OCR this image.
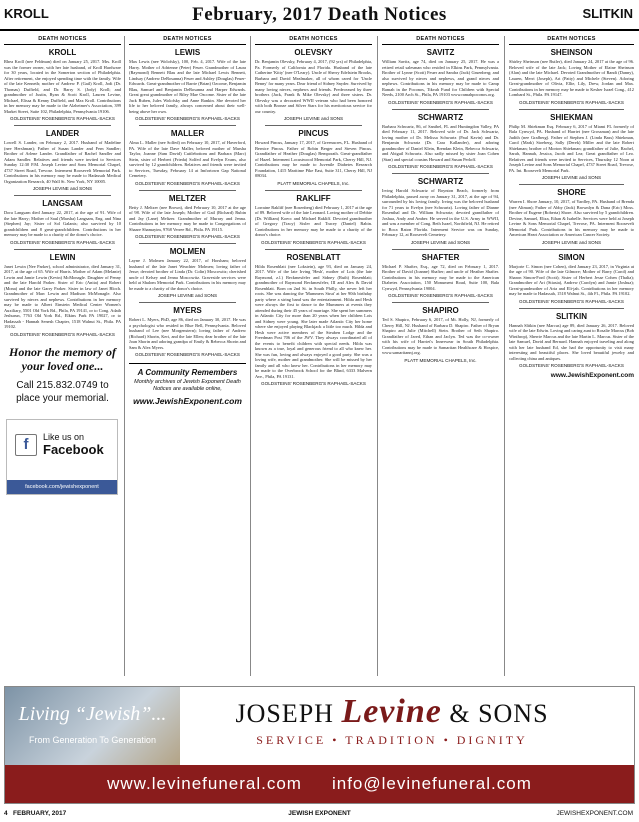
KROLL	February, 2017 Death Notices	SLITKIN
DEATH NOTICES
KROLL
Rhea Kroll (nee Feldman) died on January 25, 2017. Mrs. Kroll was the former owner, with her late husband, of Kroll Hardware for 30 years, located in the Somerton section of Philadelphia. After retirement, she enjoyed spending time with the family. Wife of the late Kenneth; mother of Andrew P. (Gail) Kroll, Jodi (Dr. Thomas) Duffield, and Dr. Barry S. (Jody) Kroll; and grandmother of Justin, Ryan & Scott Kroll, Lauren Levine, Michael, Elissa & Kenny Duffield, and Max Kroll. Contributions in her memory may be made to the Alzheimer's Association, 399 Market Street, Suite 102, Philadelphia, Pennsylvania 19106.
GOLDSTEINS' ROSENBERG'S RAPHAEL-SACKS
LANDER
Lowell S. Lander, on February 2, 2017. Husband of Madeline (nee Hershman); Father of Susan Lander and Fern Sandler; Brother of Arlene Lander. Grandfather of Rachel Sandler and Adam Sandler. Relatives and friends were invited to Services Sunday 12:30 P.M. Joseph Levine and Sons Memorial Chapel, 4737 Street Road, Trevose. Interment Roosevelt Memorial Park. Contributions in his memory may be made to Hadassah Medical Organization Research, 40 Wall St. New York, NY 10005.
JOSEPH LEVINE and SONS
LANGSAM
Dora Langsam died January 22, 2017, at the age of 91. Wife of the late Harry; Mother of Saul (Marsha) Langsam, Eng. and Nina (Stephen) Jay; Sister of Sol Galanis; also survived by 10 grandchildren and 8 great-grandchildren. Contributions in her memory may be made to a charity of the donor's choice.
GOLDSTEINS' ROSENBERG'S RAPHAEL-SACKS
LEWIN
Janet Lewin (Nee Parker), school administrator, died January 31, 2017, at the age of 65. Wife of Harris. Mother of Adam (Melanie) Lewin and Jamie Lewin (Kevin) McMonagle. Daughter of Penny and the late Harold Parker. Sister of Eric (Anita) and Robert (Mona) and the late Garry Parker. Sister in law of Janet Bloch. Grandmother of Marc Lewin and Madison McMonagle. Also survived by nieces and nephews. Contributions in her memory may be made to Albert Einstein Medical Center Women's Auxiliary, 5501 Old York Rd., Phila, PA 19141, or to Cong. Adath Jeshurun, 7763 Old York Rd., Elkins Park PA 19027, or to Hadassah - Hannah Senesh Chapter, 1518 Walnut St., Phila. PA 19102.
GOLDSTEINS' ROSENBERG'S RAPHAEL-SACKS
Honor the memory of your loved one...
Call 215.832.0749 to place your memorial.
f	Like us on
Facebook
facebook.com/jewishexponent
DEATH NOTICES
LEWIS
Max Lewis (nee Wolofsky), 100, Feb. 4, 2017. Wife of the late Harry. Mother of Adrienne (Peter) Feuer. Grandmother of Laura (Raymond) Bennett Blau and the late Michael Lewis Bennett, Lindsay (Andrew DeRosanna) Feuer and Ashley (Douglas) Feuer-Edwards. Great-grandmother of Barrie (Brian) Ozcome, Benjamin Blau, Samuel and Benjamin DeRosanna and Harper Edwards. Great great grandmother of Riley Mae Ozcome. Sister of the late Jack Ruben, Jules Wolofsky and Anne Rankin. She devoted her life to her beloved family, always concerned about their well-being above her own.
GOLDSTEINS' ROSENBERG'S RAPHAEL-SACKS
MALLER
Alma L. Maller (nee Solfed) on February 10, 2017, of Haverford, PA. Wife of the late Dave Maller, beloved mother of Marsha Taylor, Joanne (Sam David) Cuttlebottom and Barbara (Marc) Stein, sister of Herbert (Frieda) Solfed and Evelyn Evans, also survived by 12 grandchildren. Relatives and friends were invited to Services, Tuesday, February 14 at Imfortown Gap National Cemetery.
GOLDSTEINS' ROSENBERG'S RAPHAEL-SACKS
MELTZER
Betty J. Meltzer (nee Brown), died February 10, 2017 at the age of 98. Wife of the late Joseph; Mother of Gail (Richard) Rubin and Jay (Lane) Meltzer. Grandmother of Murray and Jenna. Contributions in her memory may be made to Congregations of Shaare Shamayim, 9768 Verree Rd., Phila. PA 19115.
GOLDSTEINS' ROSENBERG'S RAPHAEL-SACKS
MOLMEN
Layne J. Molmen January 22, 2017, of Horsham; beloved husband of the late Janet Weachter Molmen; loving father of Jesse; devoted brother of Linda (Dr. Colin) Moscowitz; cherished uncle of Kelsey and Jenna Moscowitz. Graveside services were held at Shalom Memorial Park. Contributions in his memory may be made to a charity of the donor's choice.
JOSEPH LEVINE and SONS
MYERS
Robert L. Myers, PhD, age 86, died on January 30, 2017. He was a psychologist who resided in Blue Bell, Pennsylvania. Beloved husband of Lee (nee Morgenstern); loving father of Andrew (Richard) Shorin, Keri, and the late Ellen; dear brother of the late Joan Shorin and adoring grandpa of Emily & Rebecca Shorin and Sam & Alex Myers.
GOLDSTEINS' ROSENBERG'S RAPHAEL-SACKS
A Community Remembers
Monthly archives of Jewish Exponent Death Notices are available online,
www.JewishExponent.com
DEATH NOTICES
OLEVSKY
Dr. Benjamin Olevsky, February 4, 2017, (92 yrs) of Philadelphia, Pa. Formerly of California and Florida. Husband of the late Catherine 'Kitty' (nee O'Leary). Uncle of Sherry Edelstein Brooks, Barbara and David Mealmaker, all of whom cared for 'Uncle Benny' for many years. Dear friend of Sidney Snyder. Survived by many loving nieces, nephews and friends. Predeceased by three brothers (Jack, Frank & Mike Olevsky) and three sisters. Dr. Olevsky was a decorated WWII veteran who had been honored with both Bronze and Silver Stars for his meritorious service for our country.
JOSEPH LEVINE and SONS
PINCUS
Howard Pincus, January 17, 2017, of Greenacres, FL. Husband of Bernice Pincus. Father of Robin Berger and Steven Pincus. Grandfather of Heather (Douglas) Bemporath. Great-grandfather of Hazel. Interment Locustwood Memorial Park, Cherry Hill, NJ. Contributions may be made to Juvenile Diabetes Research Foundation, 1415 Maritime Pike East, Suite 311, Cherry Hill, NJ 08034.
PLATT MEMORIAL CHAPELS, Inc.
RAKLIFF
Lorraine Rakliff (nee Rosenberg) died February 1, 2017 at the age of 89. Beloved wife of the late Leonard. Loving mother of Debbie (Dr. William) Koecc and Michael Rakliff. Devoted grandmother of Gregory (Tracy) Sixler and Tracey (Daniel) Rabin. Contributions in her memory may be made to a charity of the donor's choice.
GOLDSTEINS' ROSENBERG'S RAPHAEL-SACKS
ROSENBLATT
Hilda Rosenblatt (nee Lokstein), age 93, died on January 24, 2017. Wife of the late Irving 'Hesh', mother of Lois (the late Raymond, z.l.) Beckmesfeler and Sidney (Ruth) Rosenblatt; grandmother of Raymond Beckmesfeler, III and Alex & David Rosenblatt. Born on 2nd St. in South Philly, she never left her roots. She was dancing the 'Mummers Strut' at her 90th birthday party where a string band was the entertainment. Hilda and Hesh were always the first to dance to the Mummers at events they attended during their 45 years of marriage. She spent her summers in Atlantic City for more than 20 years when her children Lois and Sidney were young. She later made Atlantic City her home where she enjoyed playing Blackjack a little too much. Hilda and Hesh were active members of the Steuben Lodge and the Freedman Post 706 of the JWV. They always coordinated all of the events to benefit children with special needs. Hilda was known as a true, loyal and generous friend to all who knew her. She was fun, loving and always enjoyed a good party. She was a loving wife, mother and grandmother. She will be missed by her family and all who knew her. Contributions in her memory may be made to the Overbrook School for the Blind, 6333 Malvern Ave., Phila, PA 19131.
GOLDSTEINS' ROSENBERG'S RAPHAEL-SACKS
DEATH NOTICES
SAVITZ
William Savitz, age 74, died on January 25, 2017. He was a retired retail salesman who resided in Elkins Park, Pennsylvania. Brother of Lynne (Scott) Feuer and Sandra (Jack) Gruenberg; and also survived by nieces and nephews, and grand nieces and nephews. Contributions in his memory may be made to Camp Ramah in the Poconos, Tikvah Fund for Children with Special Needs, 2100 Arch St., Phila, PA 19103 www.ramahpoconos.org.
GOLDSTEINS' ROSENBERG'S RAPHAEL-SACKS
SCHWARTZ
Barbara Schwartz, 86, of Sanibel, FL and Huntingdon Valley, PA died February 11, 2017. Beloved wife of Dr. Jack Schwartz, loving mother of Dr. Melissa Schwartz (Paul Kavin) and Dr. Benjamin Schwartz (Dr. Cara Kallander), and adoring grandmother of Daniel Klein, Brendan Klein, Rebecca Schwartz, and Abigail Schwartz. Also sadly missed by sister Joan Cohen (Stan) and special cousins Howard and Susan Perloff.
GOLDSTEINS' ROSENBERG'S RAPHAEL-SACKS
SCHWARTZ
Irving Harold Schwartz of Boynton Beach, formerly from Philadelphia, passed away on January 31, 2017, at the age of 94, surrounded by his loving family. Irving was the beloved husband for 71 years to Evelyn (nee Schwartz). Loving father of Dianne Rosenthal and Dr. William Schwartz; devoted grandfather of Joshua, Andy and Amber. He served in the U.S. Army in WWII, and was a member of Cong. Beth Israel, Northfield, NJ. He retired to Boca Raton Florida. Interment Service was on Sunday, February 12, at Roosevelt Cemetery.
JOSEPH LEVINE and SONS
SHAFTER
Michael P. Shafter, Esq., age 72, died on February 1, 2017. Brother of David (Joanne) Shafter; and uncle of Heather Shafter. Contributions in his memory may be made to the American Diabetes Association, 150 Monument Road, Suite 100, Bala Cynwyd, Pennsylvania 19004.
GOLDSTEINS' ROSENBERG'S RAPHAEL-SACKS
SHAPIRO
Ted S. Shapiro, February 6, 2017, of Mt. Holly, NJ, formerly of Cherry Hill, NJ. Husband of Barbara D. Shapiro. Father of Bryan Shapiro and Julie (Mitchell) Stein. Brother of Seth Shapiro. Grandfather of Jared, Ethan and Jaclyn. Ted was the co-owner with his wife of Harriet's Innerwear in South Philadelphia. Contributions may be made to Samaritan Healthcare & Hospice, www.samaritannj.org.
PLATT MEMORIAL CHAPELS, Inc.
DEATH NOTICES
SHEINSON
Shirley Sheinson (nee Butler), died January 24, 2017 at the age of 96. Beloved wife of the late Jack; Loving Mother of Elaine Sheinson (Alan) and the late Michael. Devoted Grandmother of Randi (Danny), Lauren, Merri (Joseph), Ari (Patty) and Michele (Steven). Adoring Great-grandmother of Olivia, Ellie, Lily, Drew, Jordan and Max. Contributions in her memory may be made to Kesher Israel Cong., 412 Lombard St., Phila. PA 19147.
GOLDSTEINS' ROSENBERG'S RAPHAEL-SACKS
SHIEKMAN
Philip M. Shiekman Esq. February 6, 2017 of Miami FL formerly of Bala Cynwyd, PA. Husband of Harriet (nee Grossman) and the late Judith (nee Grafberg). Father of Stephen J. (Linda Bass) Shiekman, Carol (Mark) Stoeberg, Sally (Derek) Miller and the late Robert Shiekman; brother of Morton Shiekman; grandfather of Julie, Rachel, Sarah, Hannah, Jessica, Jacob and Lea; Great grandfather of Leo. Relatives and friends were invited to Services, Thursday 12 Noon at Joseph Levine and Sons Memorial Chapel, 4737 Street Road, Trevose, PA. Int. Roosevelt Memorial Park.
JOSEPH LEVINE and SONS
SHORE
Warren I. Shore January, 10, 2017, of Yardley, PA. Husband of Brenda (nee Altman); Father of Abby (Jack) Brownlyn & Dana (Eric) Moss. Brother of Eugene (Roberta) Shore. Also survived by 5 grandchildren. Devine, Samuel, Eliza, Ethan & Isabelle. Services were held at Joseph Levine & Sons Memorial Chapel, Trevose, PA. Interment Roosevelt Memorial Park. Contributions in his memory may be made to American Heart Association or American Cancer Society.
JOSEPH LEVINE and SONS
SIMON
Marjorie C. Simon (nee Cohen), died January 23, 2017, in Virginia at the age of 90. Wife of the late Gilmore; Mother of Barry (Carol) and Sharon Simon-Ford (Scott); Sister of Herbert Jesse Cohen (Thalia); Grandmother of Ari (Stiasia), Andrew (Carolyn) and Jamie (Joshua); Great-grandmother of Aria and Eli-jah. Contributions in her memory may be made to Hadassah, 1518 Walnut St., 4th Fl., Phila. PA 19102.
GOLDSTEINS' ROSENBERG'S RAPHAEL-SACKS
SLITKIN
Hannah Slitkin (nee Marcus) age 89, died January 26, 2017. Beloved wife of the late Edwin. Loving and caring aunt to Rosalie Marcus (Bob Winthrop), Sherrie Marcus and the late Martin L. Marcus. Sister of the late Samuel, David and Bernard. Hannah enjoyed traveling and along with her late husband Ed, she had the opportunity to visit many interesting and beautiful places. She loved beautiful jewelry and collecting china and antiques.
GOLDSTEINS' ROSENBERG'S RAPHAEL-SACKS
www.JewishExponent.com
Living “Jewish”...
From Generation To Generation
JOSEPH Levine & SONS
SERVICE • TRADITION • DIGNITY
www.levinefuneral.com info@levinefuneral.com
4 FEBRUARY, 2017	JEWISH EXPONENT	JEWISHEXPONENT.COM
